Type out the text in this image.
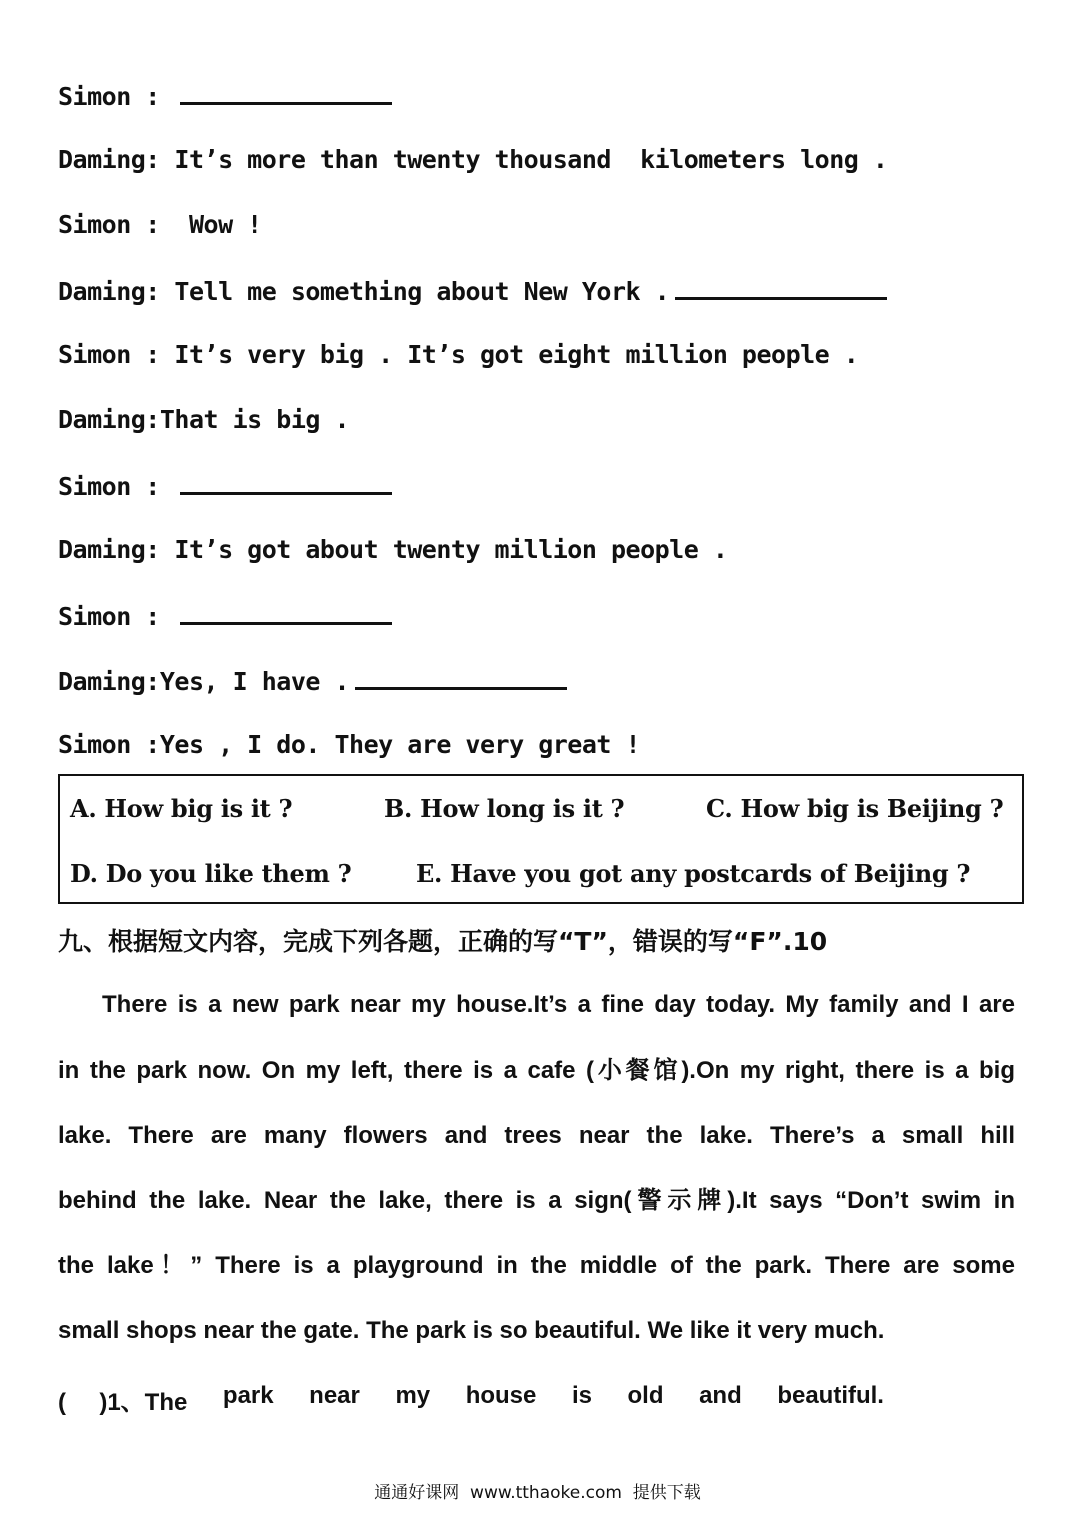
Simon :
Daming: It’s more than twenty thousand  kilometers long .
Simon : Wow !
Daming: Tell me something about New York .
Simon : It’s very big . It’s got eight million people .
Daming:That is big .
Simon :
Daming: It’s got about twenty million people .
Simon :
Daming:Yes, I have .
Simon :Yes , I do. They are very great !
A. How big is it ?	B. How long is it ?	C. How big is Beijing ?
D. Do you like them ?	E. Have you got any postcards of Beijing ?
九、根据短文内容，完成下列各题，正确的写“T”，错误的写“F”.10
There is a new park near my house.It’s a fine day today. My family and I are
in the park now. On my left, there is a cafe (小餐馆).On my right, there is a big
lake. There are many flowers and trees near the lake. There’s a small hill
behind the lake. Near the lake, there is a sign(警示牌).It says “Don’t swim in
the lake！” There is a playground in the middle of the park. There are some
small shops near the gate. The park is so beautiful. We like it very much.
(     )1、The park near my house is old and beautiful.
通通好课网  www.tthaoke.com  提供下载
